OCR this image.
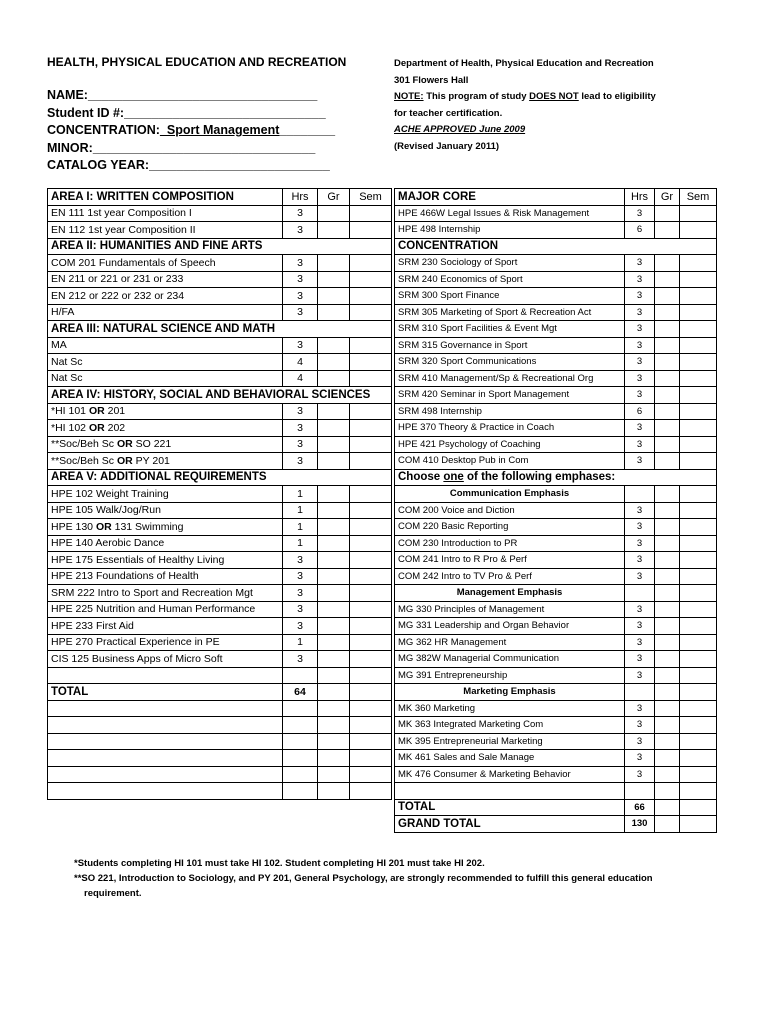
HEALTH, PHYSICAL EDUCATION AND RECREATION	Department of Health, Physical Education and Recreation
301 Flowers Hall
NOTE: This program of study DOES NOT lead to eligibility
for teacher certification.
ACHE APPROVED June 2009
(Revised January 2011)
NAME:_________________________________
Student ID #:_____________________________
CONCENTRATION:_Sport Management________
MINOR:________________________________
CATALOG YEAR:__________________________
AREA I: WRITTEN COMPOSITION	Hrs	Gr	Sem
EN 111 1st year Composition I	3		
EN 112 1st year Composition II	3		
AREA II: HUMANITIES AND FINE ARTS			
COM 201 Fundamentals of Speech	3		
EN 211 or 221 or 231 or 233	3		
EN 212 or 222 or 232 or 234	3		
H/FA	3		
AREA III: NATURAL SCIENCE AND MATH			
MA	3		
Nat Sc	4		
Nat Sc	4		
AREA IV: HISTORY, SOCIAL AND BEHAVIORAL SCIENCES			
*HI 101 OR 201	3		
*HI 102 OR 202	3		
**Soc/Beh Sc OR SO 221	3		
**Soc/Beh Sc OR PY 201	3		
AREA V: ADDITIONAL REQUIREMENTS			
HPE 102 Weight Training	1		
HPE 105 Walk/Jog/Run	1		
HPE 130 OR 131 Swimming	1		
HPE 140 Aerobic Dance	1		
HPE 175 Essentials of Healthy Living	3		
HPE 213 Foundations of Health	3		
SRM 222 Intro to Sport and Recreation Mgt	3		
HPE 225 Nutrition and Human Performance	3		
HPE 233 First Aid	3		
HPE 270 Practical Experience in PE	1		
CIS 125 Business Apps of Micro Soft	3		

TOTAL	64		

MAJOR CORE	Hrs	Gr	Sem
HPE 466W Legal Issues & Risk Management	3		
HPE 498 Internship	6		
CONCENTRATION			
SRM 230 Sociology of Sport	3		
SRM 240 Economics of Sport	3		
SRM 300 Sport Finance	3		
SRM 305 Marketing of Sport & Recreation Act	3		
SRM 310 Sport Facilities & Event Mgt	3		
SRM 315 Governance in Sport	3		
SRM 320 Sport Communications	3		
SRM 410 Management/Sp & Recreational Org	3		
SRM 420 Seminar in Sport Management	3		
SRM 498 Internship	6		
HPE 370 Theory & Practice in Coach	3		
HPE 421 Psychology of Coaching	3		
COM 410 Desktop Pub in Com	3		
Choose one of the following emphases:			
Communication Emphasis			
COM 200 Voice and Diction	3		
COM 220 Basic Reporting	3		
COM 230 Introduction to PR	3		
COM 241 Intro to R Pro & Perf	3		
COM 242 Intro to TV Pro & Perf	3		
Management Emphasis			
MG 330 Principles of Management	3		
MG 331 Leadership and Organ Behavior	3		
MG 362 HR Management	3		
MG 382W Managerial Communication	3		
MG 391 Entrepreneurship	3		
Marketing Emphasis			
MK 360 Marketing	3		
MK 363 Integrated Marketing Com	3		
MK 395 Entrepreneurial Marketing	3		
MK 461 Sales and Sale Manage	3		
MK 476 Consumer & Marketing Behavior	3		

TOTAL	66		
GRAND TOTAL	130		
*Students completing HI 101 must take HI 102. Student completing HI 201 must take HI 202.
**SO 221, Introduction to Sociology, and PY 201, General Psychology, are strongly recommended to fulfill this general education
requirement.
